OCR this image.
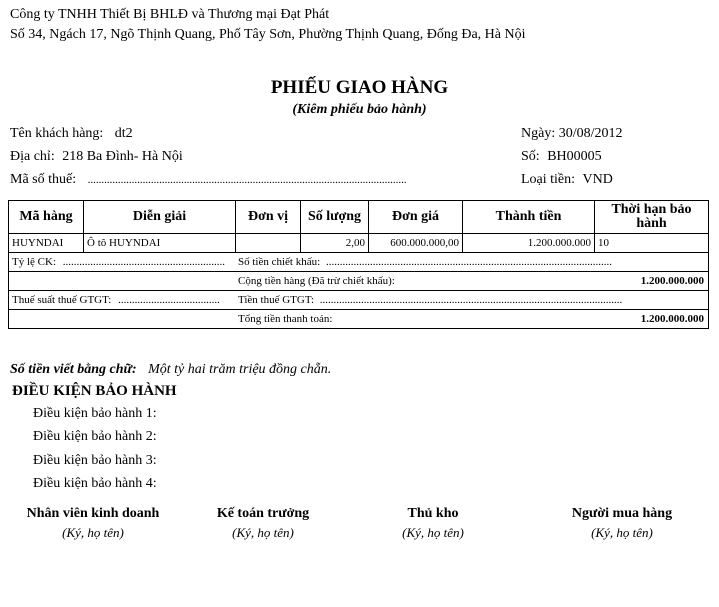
Công ty TNHH Thiết Bị BHLĐ và Thương mại Đạt Phát
Số 34, Ngách 17, Ngõ Thịnh Quang, Phố Tây Sơn, Phường Thịnh Quang, Đống Đa, Hà Nội
PHIẾU GIAO HÀNG
(Kiêm phiếu bảo hành)
Tên khách hàng: dt2
Địa chỉ: 218 Ba Đình- Hà Nội
Mã số thuế: ....................................................................................................................
Ngày: 30/08/2012
Số: BH00005
Loại tiền: VND
Mã hàng	Diễn giải	Đơn vị	Số lượng	Đơn giá	Thành tiền	Thời hạn bảo hành
HUYNDAI	Ô tô HUYNDAI		2,00	600.000.000,00	1.200.000.000	10
Tỷ lệ CK: ........................................................... Số tiền chiết khấu: ........................................................................................................						

Cộng tiền hàng (Đã trừ chiết khấu): 1.200.000.000						

Thuế suất thuế GTGT: ..................................... Tiền thuế GTGT: ..............................................................................................................						

Tổng tiền thanh toán: 1.200.000.000						
Số tiền viết bằng chữ: Một tỷ hai trăm triệu đồng chẵn.
ĐIỀU KIỆN BẢO HÀNH
Điều kiện bảo hành 1:
Điều kiện bảo hành 2:
Điều kiện bảo hành 3:
Điều kiện bảo hành 4:
Nhân viên kinh doanh
(Ký, họ tên)
Kế toán trưởng
(Ký, họ tên)
Thủ kho
(Ký, họ tên)
Người mua hàng
(Ký, họ tên)
